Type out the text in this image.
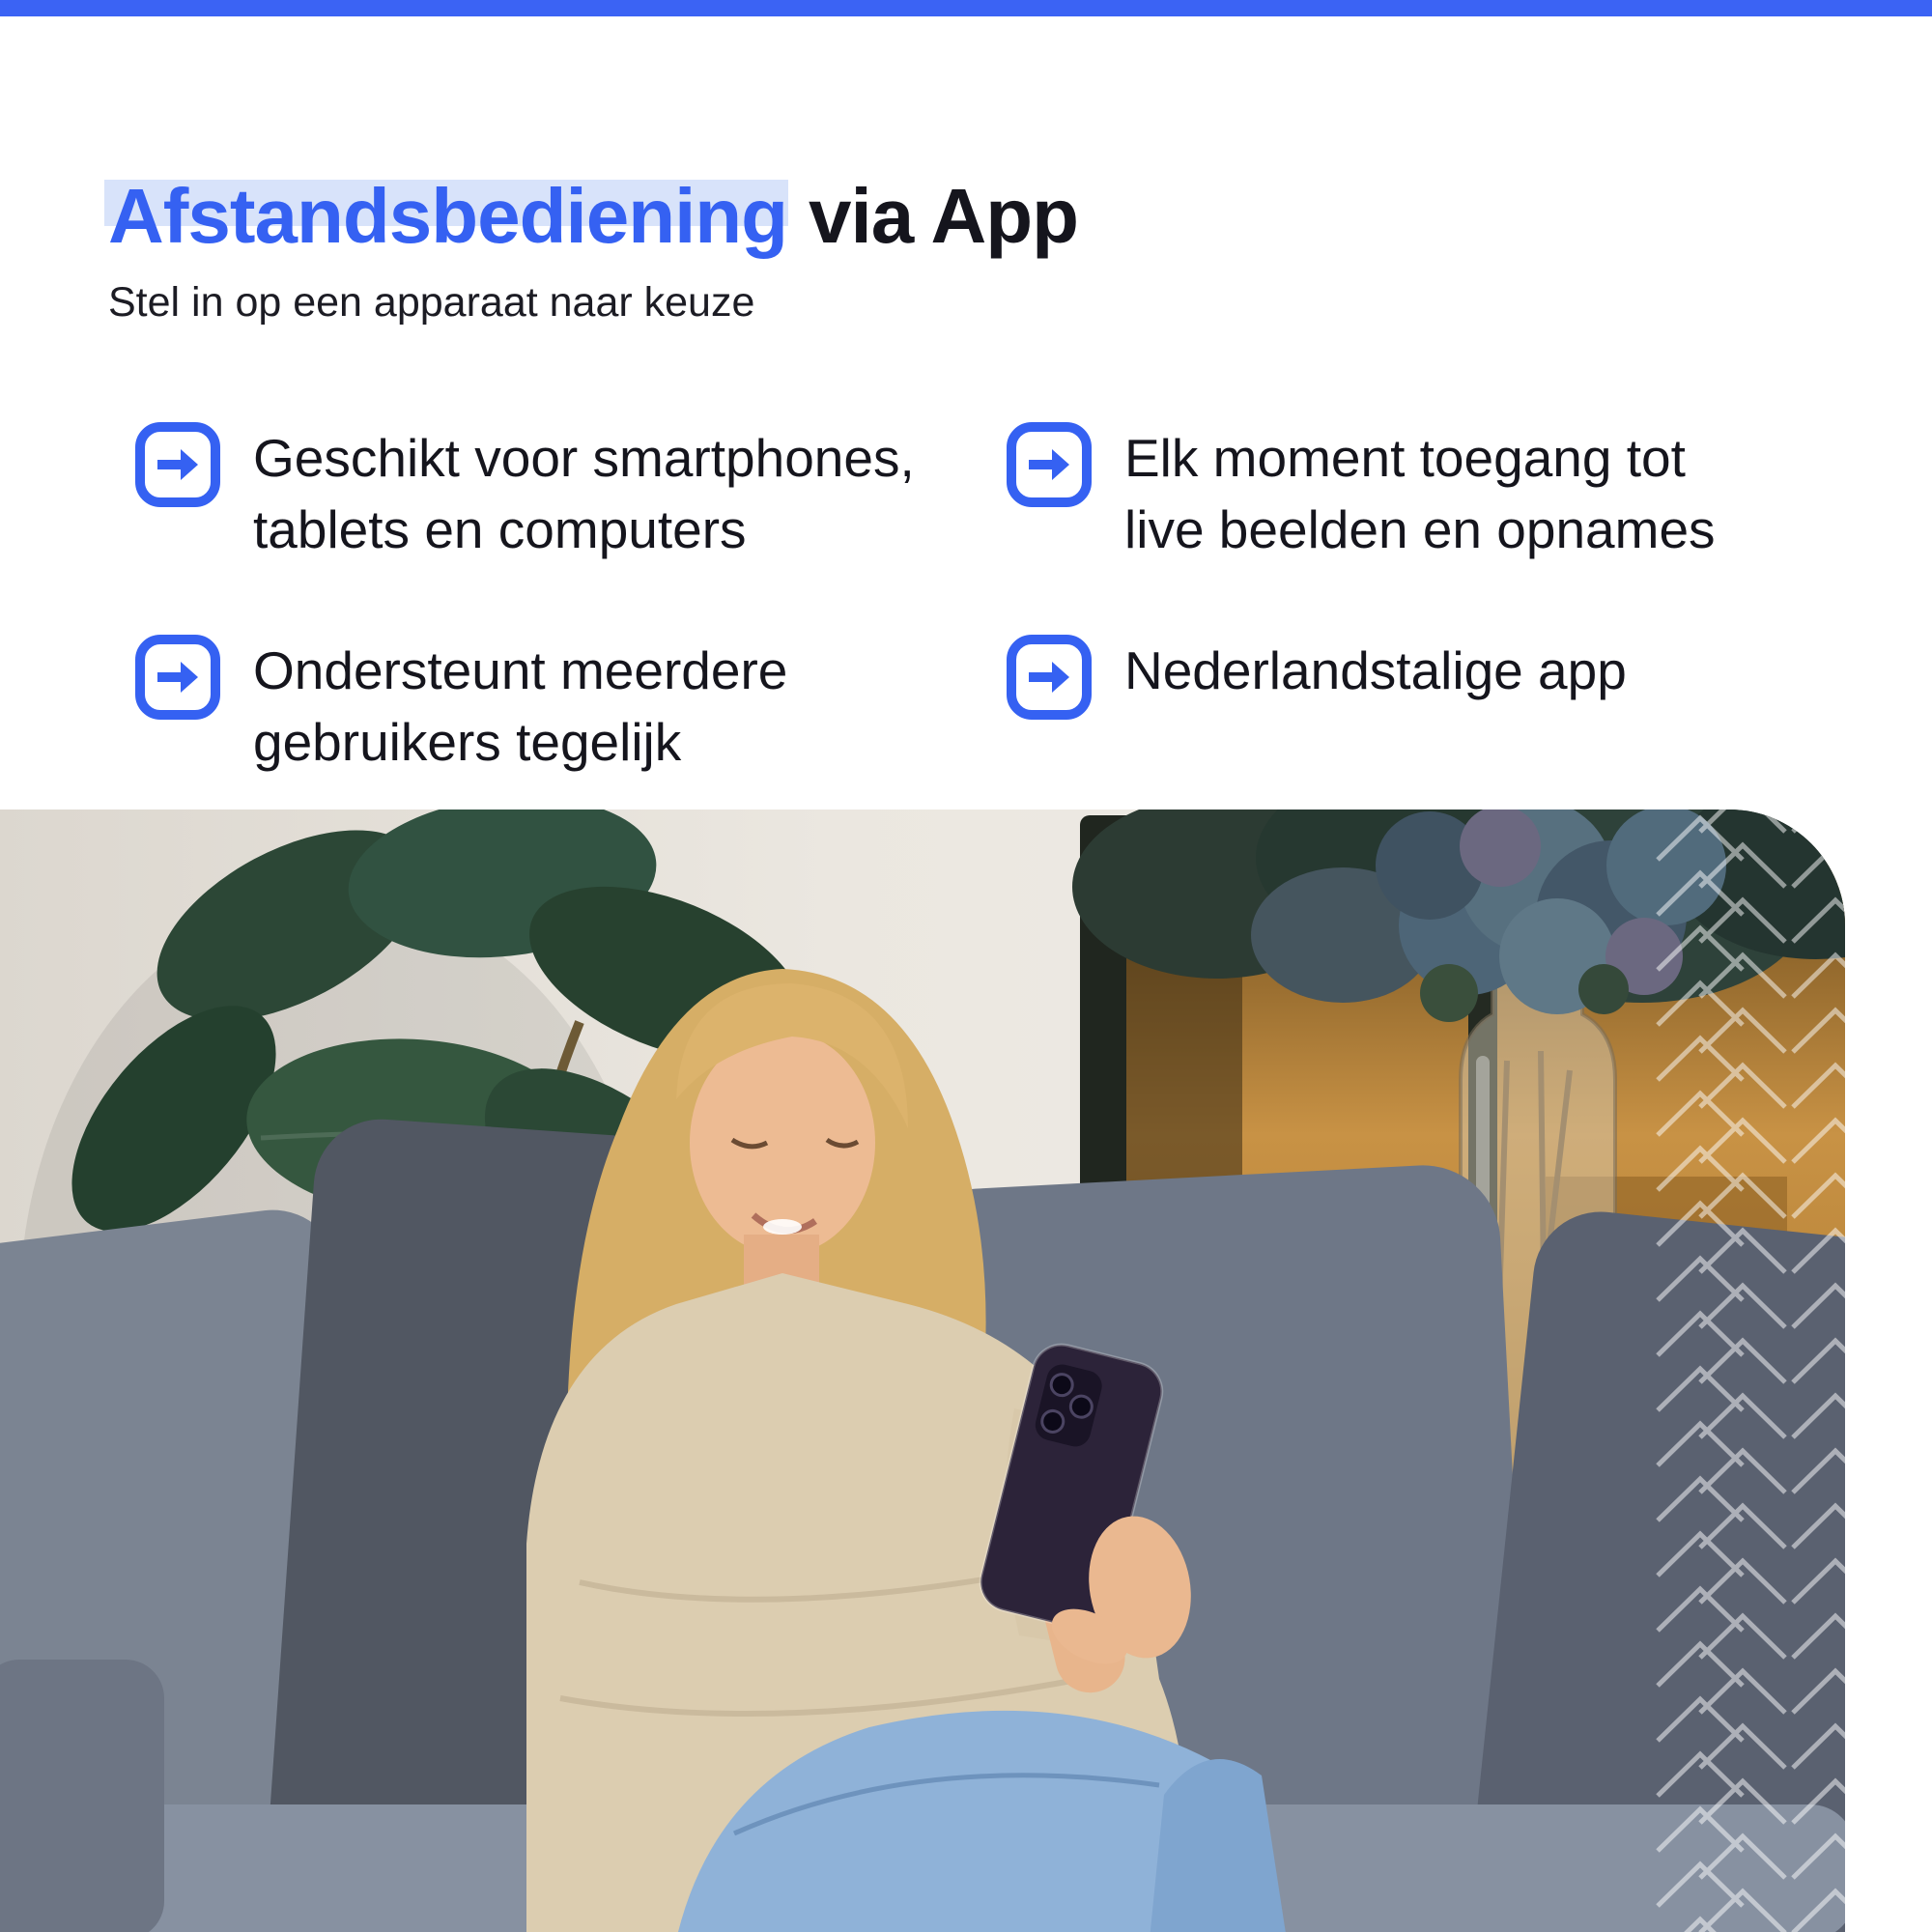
Afstandsbediening via App
Stel in op een apparaat naar keuze
Geschikt voor smartphones,
tablets en computers
Elk moment toegang tot
live beelden en opnames
Ondersteunt meerdere
gebruikers tegelijk
Nederlandstalige app
